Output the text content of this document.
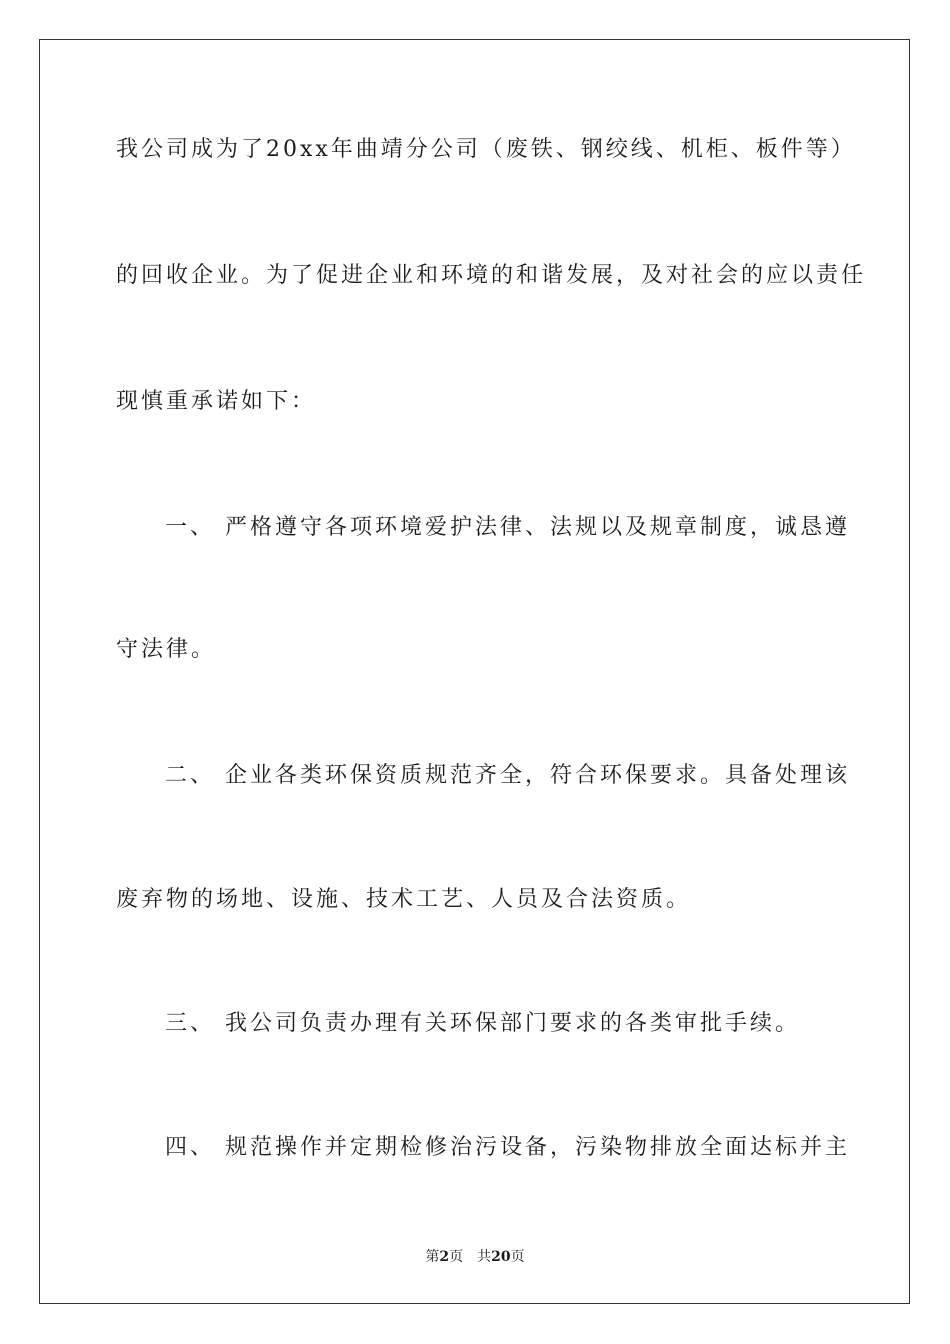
我公司成为了20xx年曲靖分公司（废铁、钢绞线、机柜、板件等）
的回收企业。为了促进企业和环境的和谐发展，及对社会的应以责任
现慎重承诺如下：
一、 严格遵守各项环境爱护法律、法规以及规章制度，诚恳遵
守法律。
二、 企业各类环保资质规范齐全，符合环保要求。具备处理该
废弃物的场地、设施、技术工艺、人员及合法资质。
三、 我公司负责办理有关环保部门要求的各类审批手续。
四、 规范操作并定期检修治污设备，污染物排放全面达标并主
第2页 共20页
